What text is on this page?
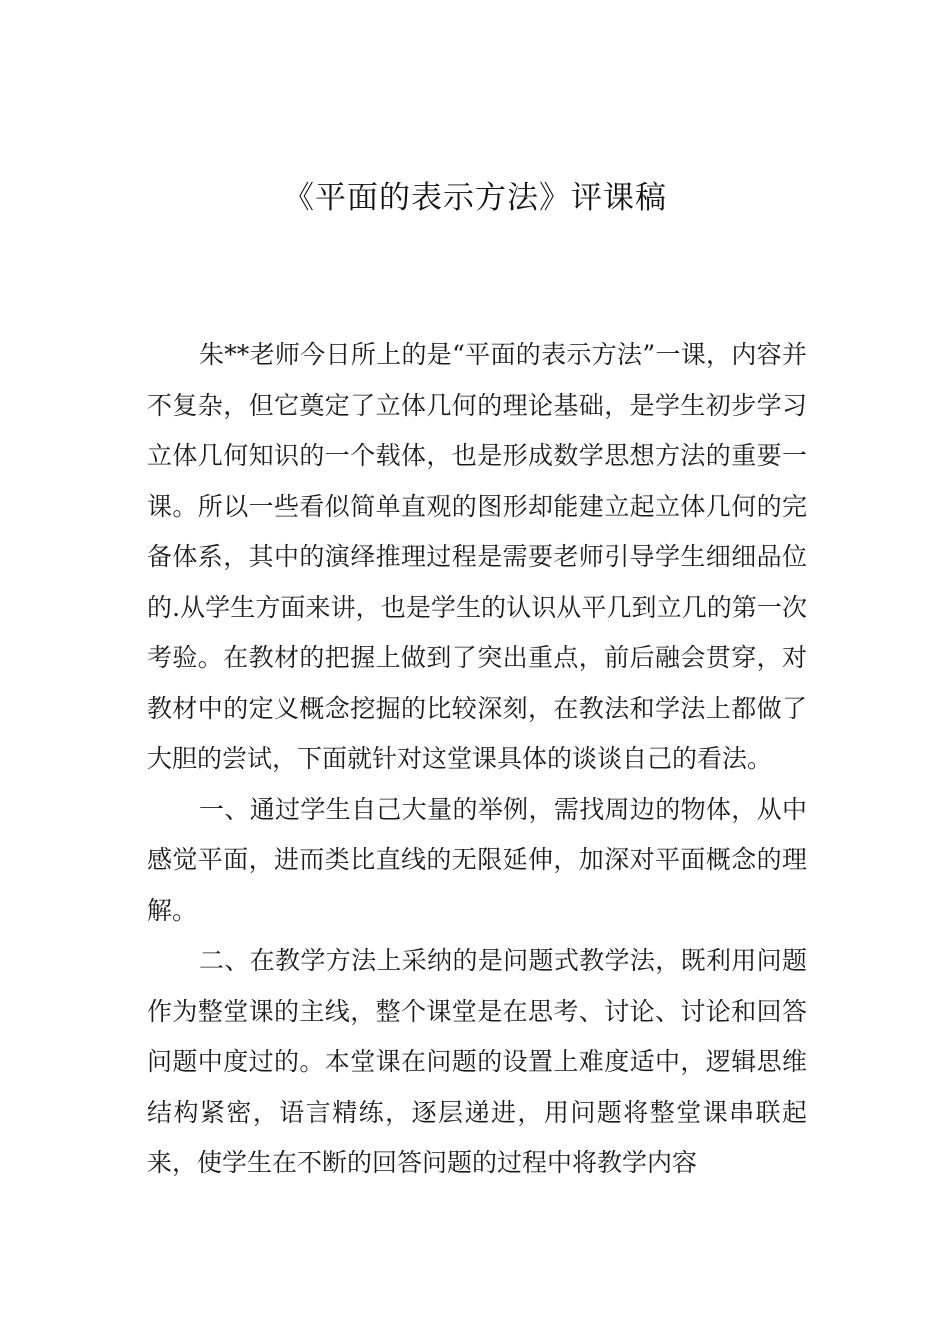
《平面的表示方法》评课稿

朱**老师今日所上的是“平面的表示方法”一课，内容并不复杂，但它奠定了立体几何的理论基础，是学生初步学习立体几何知识的一个载体，也是形成数学思想方法的重要一课。所以一些看似简单直观的图形却能建立起立体几何的完备体系，其中的演绎推理过程是需要老师引导学生细细品位的.从学生方面来讲，也是学生的认识从平几到立几的第一次考验。在教材的把握上做到了突出重点，前后融会贯穿，对教材中的定义概念挖掘的比较深刻，在教法和学法上都做了大胆的尝试，下面就针对这堂课具体的谈谈自己的看法。

一、通过学生自己大量的举例，需找周边的物体，从中感觉平面，进而类比直线的无限延伸，加深对平面概念的理解。

二、在教学方法上采纳的是问题式教学法，既利用问题作为整堂课的主线，整个课堂是在思考、讨论、讨论和回答问题中度过的。本堂课在问题的设置上难度适中，逻辑思维结构紧密，语言精练，逐层递进，用问题将整堂课串联起来，使学生在不断的回答问题的过程中将教学内容
